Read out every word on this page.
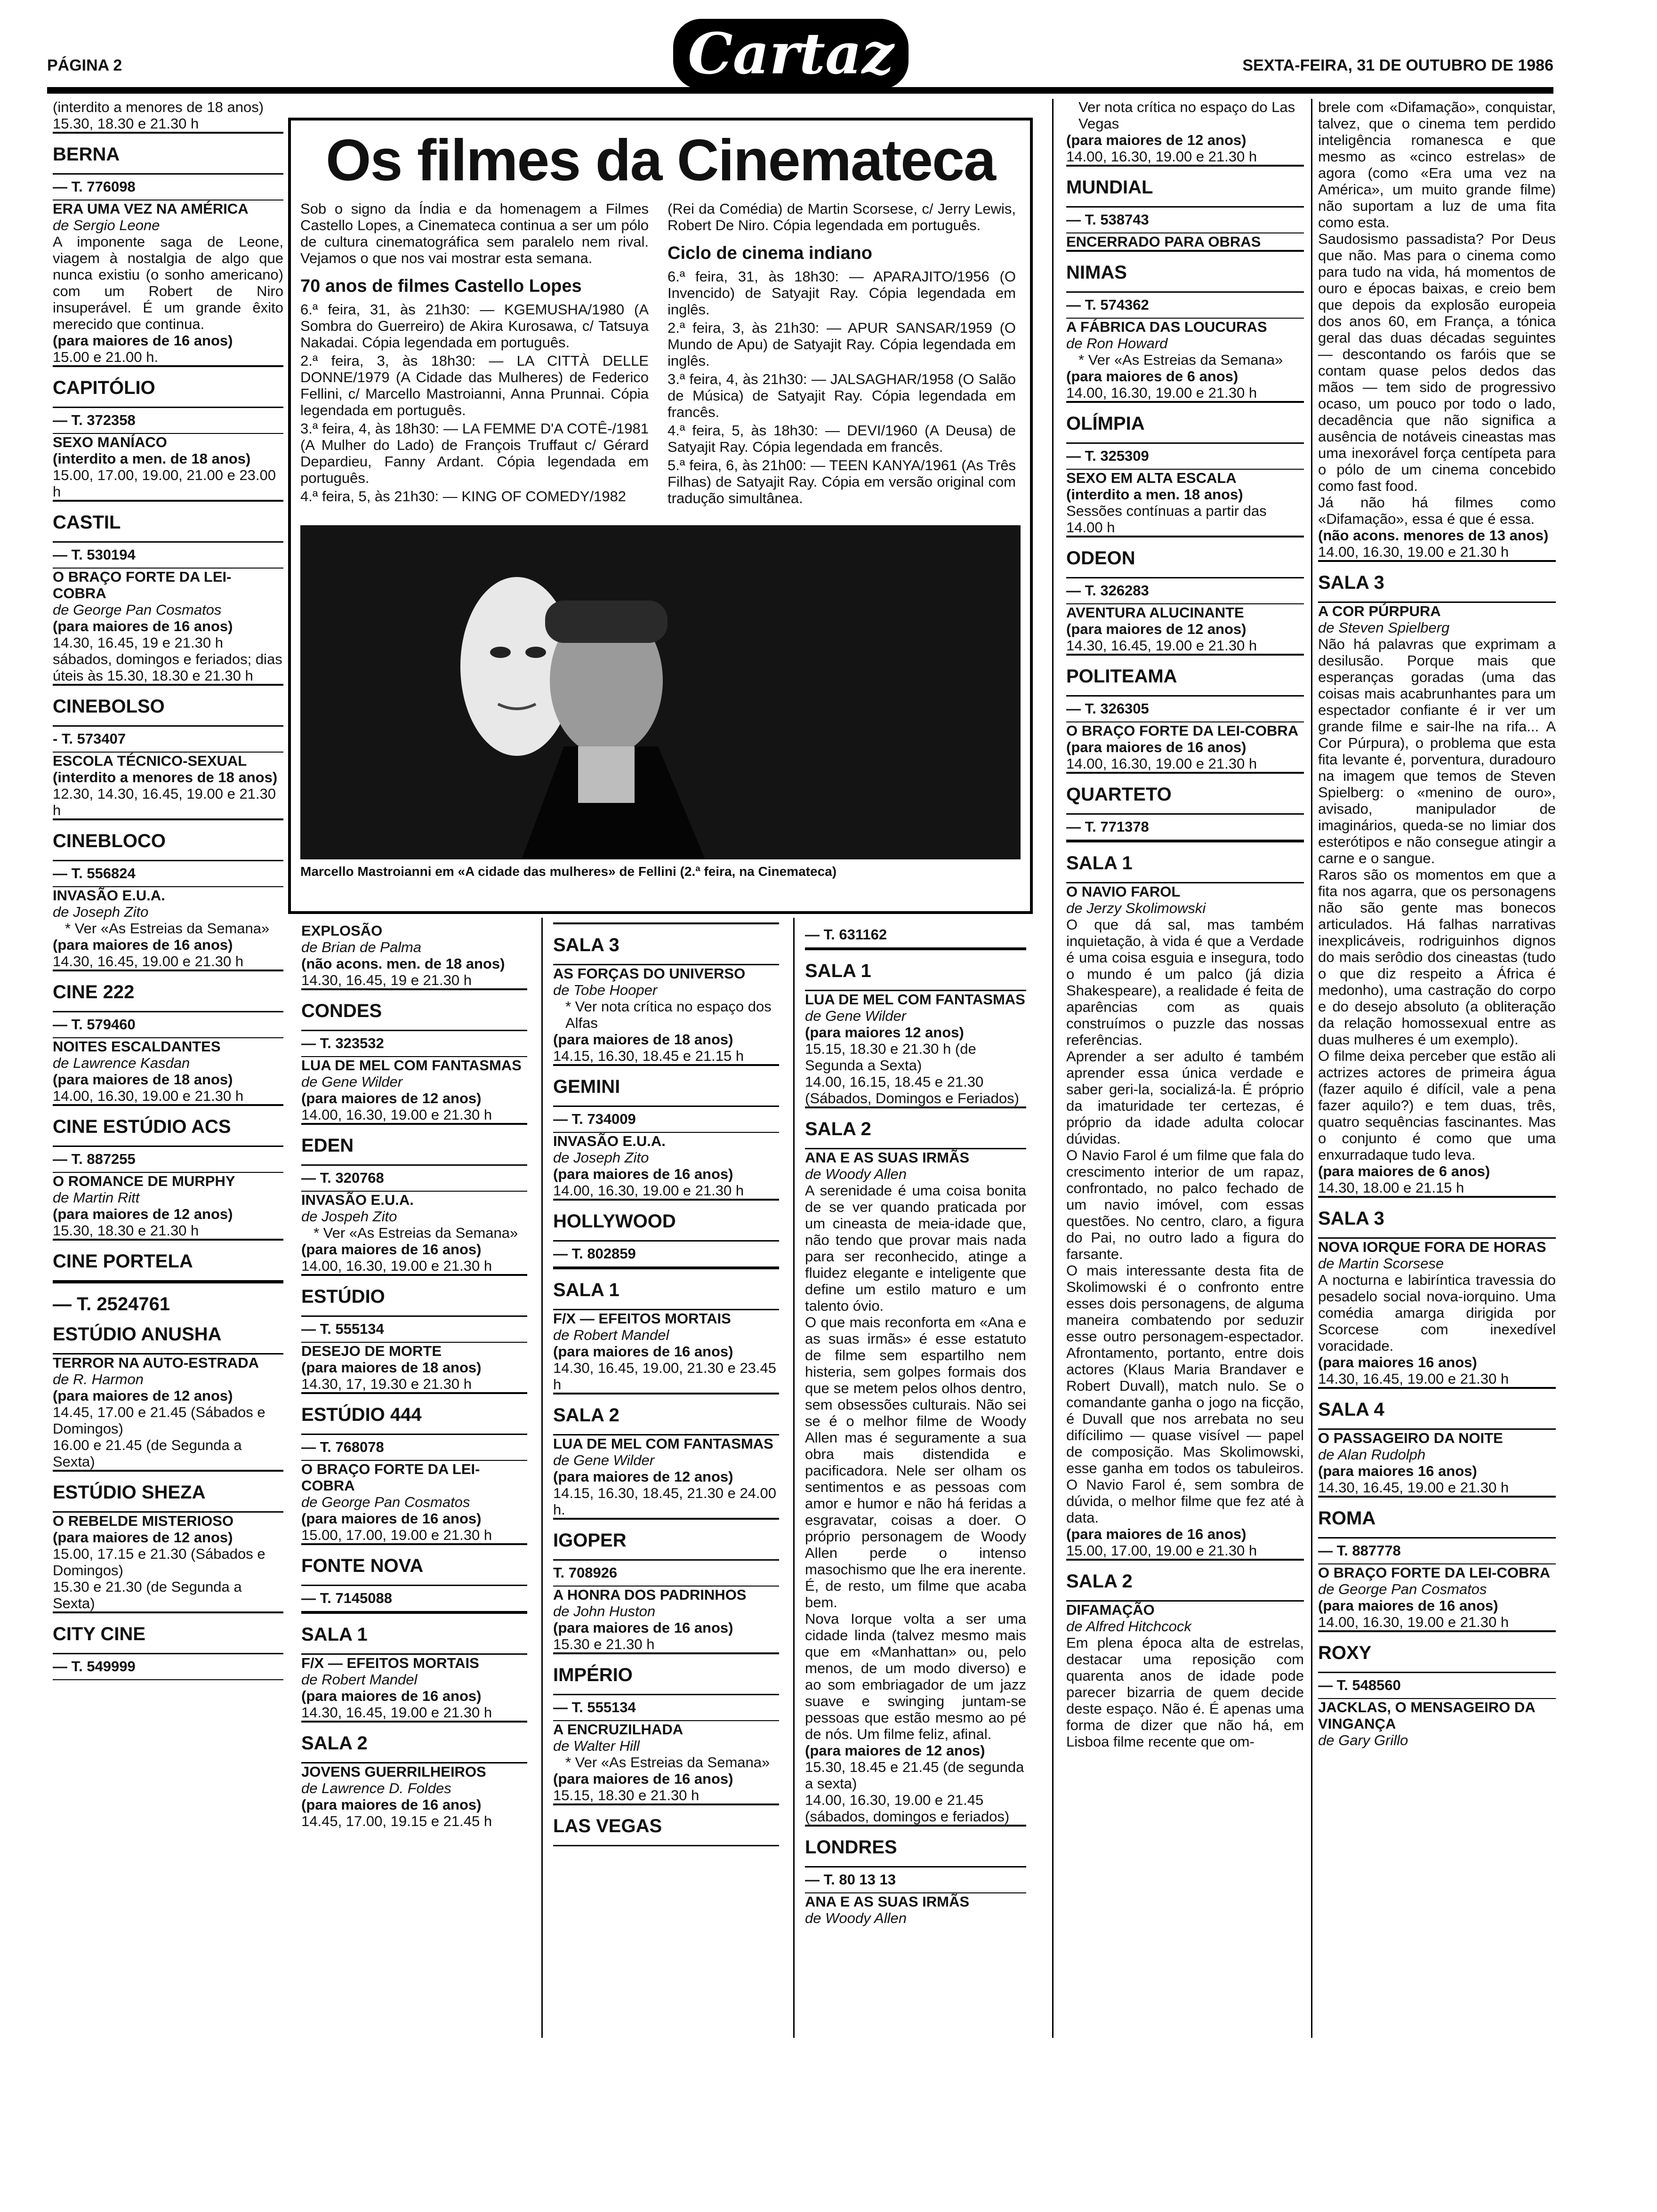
PÁGINA 2	Cartaz	SEXTA-FEIRA, 31 DE OUTUBRO DE 1986

(interdito a menores de 18 anos)

15.30, 18.30 e 21.30 h

BERNA

— T. 776098

ERA UMA VEZ NA AMÉRICA

de Sergio Leone

A imponente saga de Leone, viagem à nostalgia de algo que nunca existiu (o sonho americano) com um Robert de Niro insuperável. É um grande êxito merecido que continua.

(para maiores de 16 anos)

15.00 e 21.00 h.

CAPITÓLIO

— T. 372358

SEXO MANÍACO

(interdito a men. de 18 anos)

15.00, 17.00, 19.00, 21.00 e 23.00 h

CASTIL

— T. 530194

O BRAÇO FORTE DA LEI-COBRA

de George Pan Cosmatos

(para maiores de 16 anos)

14.30, 16.45, 19 e 21.30 h sábados, domingos e feriados; dias úteis às 15.30, 18.30 e 21.30 h

CINEBOLSO

- T. 573407

ESCOLA TÉCNICO-SEXUAL

(interdito a menores de 18 anos)

12.30, 14.30, 16.45, 19.00 e 21.30 h

CINEBLOCO

— T. 556824

INVASÃO E.U.A.

de Joseph Zito

* Ver «As Estreias da Semana»

(para maiores de 16 anos)

14.30, 16.45, 19.00 e 21.30 h

CINE 222

— T. 579460

NOITES ESCALDANTES

de Lawrence Kasdan

(para maiores de 18 anos)

14.00, 16.30, 19.00 e 21.30 h

CINE ESTÚDIO ACS

— T. 887255

O ROMANCE DE MURPHY

de Martin Ritt

(para maiores de 12 anos)

15.30, 18.30 e 21.30 h

CINE PORTELA

— T. 2524761

ESTÚDIO ANUSHA

TERROR NA AUTO-ESTRADA

de R. Harmon

(para maiores de 12 anos)

14.45, 17.00 e 21.45 (Sábados e Domingos)

16.00 e 21.45 (de Segunda a Sexta)

ESTÚDIO SHEZA

O REBELDE MISTERIOSO

(para maiores de 12 anos)

15.00, 17.15 e 21.30 (Sábados e Domingos)

15.30 e 21.30 (de Segunda a Sexta)

CITY CINE

— T. 549999

Os filmes da Cinemateca

Sob o signo da Índia e da homenagem a Filmes Castello Lopes, a Cinemateca continua a ser um pólo de cultura cinematográfica sem paralelo nem rival. Vejamos o que nos vai mostrar esta semana.

70 anos de filmes Castello Lopes

6.ª feira, 31, às 21h30: — KGEMUSHA/1980 (A Sombra do Guerreiro) de Akira Kurosawa, c/ Tatsuya Nakadai. Cópia legendada em português.

2.ª feira, 3, às 18h30: — LA CITTÀ DELLE DONNE/1979 (A Cidade das Mulheres) de Federico Fellini, c/ Marcello Mastroianni, Anna Prunnai. Cópia legendada em português.

3.ª feira, 4, às 18h30: — LA FEMME D'A COTÊ-/1981 (A Mulher do Lado) de François Truffaut c/ Gérard Depardieu, Fanny Ardant. Cópia legendada em português.

4.ª feira, 5, às 21h30: — KING OF COMEDY/1982

(Rei da Comédia) de Martin Scorsese, c/ Jerry Lewis, Robert De Niro. Cópia legendada em português.

Ciclo de cinema indiano

6.ª feira, 31, às 18h30: — APARAJITO/1956 (O Invencido) de Satyajit Ray. Cópia legendada em inglês.

2.ª feira, 3, às 21h30: — APUR SANSAR/1959 (O Mundo de Apu) de Satyajit Ray. Cópia legendada em inglês.

3.ª feira, 4, às 21h30: — JALSAGHAR/1958 (O Salão de Música) de Satyajit Ray. Cópia legendada em francês.

4.ª feira, 5, às 18h30: — DEVI/1960 (A Deusa) de Satyajit Ray. Cópia legendada em francês.

5.ª feira, 6, às 21h00: — TEEN KANYA/1961 (As Três Filhas) de Satyajit Ray. Cópia em versão original com tradução simultânea.

Marcello Mastroianni em «A cidade das mulheres» de Fellini (2.ª feira, na Cinemateca)

EXPLOSÃO

de Brian de Palma

(não acons. men. de 18 anos)

14.30, 16.45, 19 e 21.30 h

CONDES

— T. 323532

LUA DE MEL COM FANTASMAS

de Gene Wilder

(para maiores de 12 anos)

14.00, 16.30, 19.00 e 21.30 h

EDEN

— T. 320768

INVASÃO E.U.A.

de Jospeh Zito

* Ver «As Estreias da Semana»

(para maiores de 16 anos)

14.00, 16.30, 19.00 e 21.30 h

ESTÚDIO

— T. 555134

DESEJO DE MORTE

(para maiores de 18 anos)

14.30, 17, 19.30 e 21.30 h

ESTÚDIO 444

— T. 768078

O BRAÇO FORTE DA LEI-COBRA

de George Pan Cosmatos

(para maiores de 16 anos)

15.00, 17.00, 19.00 e 21.30 h

FONTE NOVA

— T. 7145088

SALA 1

F/X — EFEITOS MORTAIS

de Robert Mandel

(para maiores de 16 anos)

14.30, 16.45, 19.00 e 21.30 h

SALA 2

JOVENS GUERRILHEIROS

de Lawrence D. Foldes

(para maiores de 16 anos)

14.45, 17.00, 19.15 e 21.45 h

SALA 3

AS FORÇAS DO UNIVERSO

de Tobe Hooper

* Ver nota crítica no espaço dos Alfas

(para maiores de 18 anos)

14.15, 16.30, 18.45 e 21.15 h

GEMINI

— T. 734009

INVASÃO E.U.A.

de Joseph Zito

(para maiores de 16 anos)

14.00, 16.30, 19.00 e 21.30 h

HOLLYWOOD

— T. 802859

SALA 1

F/X — EFEITOS MORTAIS

de Robert Mandel

(para maiores de 16 anos)

14.30, 16.45, 19.00, 21.30 e 23.45 h

SALA 2

LUA DE MEL COM FANTASMAS

de Gene Wilder

(para maiores de 12 anos)

14.15, 16.30, 18.45, 21.30 e 24.00 h.

IGOPER

T. 708926

A HONRA DOS PADRINHOS

de John Huston

(para maiores de 16 anos)

15.30 e 21.30 h

IMPÉRIO

— T. 555134

A ENCRUZILHADA

de Walter Hill

* Ver «As Estreias da Semana»

(para maiores de 16 anos)

15.15, 18.30 e 21.30 h

LAS VEGAS

— T. 631162

SALA 1

LUA DE MEL COM FANTASMAS

de Gene Wilder

(para maiores 12 anos)

15.15, 18.30 e 21.30 h (de Segunda a Sexta)

14.00, 16.15, 18.45 e 21.30 (Sábados, Domingos e Feriados)

SALA 2

ANA E AS SUAS IRMÃS

de Woody Allen

A serenidade é uma coisa bonita de se ver quando praticada por um cineasta de meia-idade que, não tendo que provar mais nada para ser reconhecido, atinge a fluidez elegante e inteligente que define um estilo maturo e um talento óvio.

O que mais reconforta em «Ana e as suas irmãs» é esse estatuto de filme sem espartilho nem histeria, sem golpes formais dos que se metem pelos olhos dentro, sem obsessões culturais. Não sei se é o melhor filme de Woody Allen mas é seguramente a sua obra mais distendida e pacificadora. Nele ser olham os sentimentos e as pessoas com amor e humor e não há feridas a esgravatar, coisas a doer. O próprio personagem de Woody Allen perde o intenso masochismo que lhe era inerente. É, de resto, um filme que acaba bem.

Nova Iorque volta a ser uma cidade linda (talvez mesmo mais que em «Manhattan» ou, pelo menos, de um modo diverso) e ao som embriagador de um jazz suave e swinging juntam-se pessoas que estão mesmo ao pé de nós. Um filme feliz, afinal.

(para maiores de 12 anos)

15.30, 18.45 e 21.45 (de segunda a sexta)

14.00, 16.30, 19.00 e 21.45 (sábados, domingos e feriados)

LONDRES

— T. 80 13 13

ANA E AS SUAS IRMÃS

de Woody Allen

Ver nota crítica no espaço do Las Vegas

(para maiores de 12 anos)

14.00, 16.30, 19.00 e 21.30 h

MUNDIAL

— T. 538743

ENCERRADO PARA OBRAS

NIMAS

— T. 574362

A FÁBRICA DAS LOUCURAS

de Ron Howard

* Ver «As Estreias da Semana»

(para maiores de 6 anos)

14.00, 16.30, 19.00 e 21.30 h

OLÍMPIA

— T. 325309

SEXO EM ALTA ESCALA

(interdito a men. 18 anos)

Sessões contínuas a partir das 14.00 h

ODEON

— T. 326283

AVENTURA ALUCINANTE

(para maiores de 12 anos)

14.30, 16.45, 19.00 e 21.30 h

POLITEAMA

— T. 326305

O BRAÇO FORTE DA LEI-COBRA

(para maiores de 16 anos)

14.00, 16.30, 19.00 e 21.30 h

QUARTETO

— T. 771378

SALA 1

O NAVIO FAROL

de Jerzy Skolimowski

O que dá sal, mas também inquietação, à vida é que a Verdade é uma coisa esguia e insegura, todo o mundo é um palco (já dizia Shakespeare), a realidade é feita de aparências com as quais construímos o puzzle das nossas referências.

Aprender a ser adulto é também aprender essa única verdade e saber geri-la, socializá-la. É próprio da imaturidade ter certezas, é próprio da idade adulta colocar dúvidas.

O Navio Farol é um filme que fala do crescimento interior de um rapaz, confrontado, no palco fechado de um navio imóvel, com essas questões. No centro, claro, a figura do Pai, no outro lado a figura do farsante.

O mais interessante desta fita de Skolimowski é o confronto entre esses dois personagens, de alguma maneira combatendo por seduzir esse outro personagem-espectador. Afrontamento, portanto, entre dois actores (Klaus Maria Brandaver e Robert Duvall), match nulo. Se o comandante ganha o jogo na ficção, é Duvall que nos arrebata no seu difícilimo — quase visível — papel de composição. Mas Skolimowski, esse ganha em todos os tabuleiros. O Navio Farol é, sem sombra de dúvida, o melhor filme que fez até à data.

(para maiores de 16 anos)

15.00, 17.00, 19.00 e 21.30 h

SALA 2

DIFAMAÇÃO

de Alfred Hitchcock

Em plena época alta de estrelas, destacar uma reposição com quarenta anos de idade pode parecer bizarria de quem decide deste espaço. Não é. É apenas uma forma de dizer que não há, em Lisboa filme recente que om-

brele com «Difamação», conquistar, talvez, que o cinema tem perdido inteligência romanesca e que mesmo as «cinco estrelas» de agora (como «Era uma vez na América», um muito grande filme) não suportam a luz de uma fita como esta.

Saudosismo passadista? Por Deus que não. Mas para o cinema como para tudo na vida, há momentos de ouro e épocas baixas, e creio bem que depois da explosão europeia dos anos 60, em França, a tónica geral das duas décadas seguintes — descontando os faróis que se contam quase pelos dedos das mãos — tem sido de progressivo ocaso, um pouco por todo o lado, decadência que não significa a ausência de notáveis cineastas mas uma inexorável força centípeta para o pólo de um cinema concebido como fast food.

Já não há filmes como «Difamação», essa é que é essa.

(não acons. menores de 13 anos)

14.00, 16.30, 19.00 e 21.30 h

SALA 3

A COR PÚRPURA

de Steven Spielberg

Não há palavras que exprimam a desilusão. Porque mais que esperanças goradas (uma das coisas mais acabrunhantes para um espectador confiante é ir ver um grande filme e sair-lhe na rifa... A Cor Púrpura), o problema que esta fita levante é, porventura, duradouro na imagem que temos de Steven Spielberg: o «menino de ouro», avisado, manipulador de imaginários, queda-se no limiar dos esterótipos e não consegue atingir a carne e o sangue.

Raros são os momentos em que a fita nos agarra, que os personagens não são gente mas bonecos articulados. Há falhas narrativas inexplicáveis, rodriguinhos dignos do mais serôdio dos cineastas (tudo o que diz respeito a África é medonho), uma castração do corpo e do desejo absoluto (a obliteração da relação homossexual entre as duas mulheres é um exemplo).

O filme deixa perceber que estão ali actrizes actores de primeira água (fazer aquilo é difícil, vale a pena fazer aquilo?) e tem duas, três, quatro sequências fascinantes. Mas o conjunto é como que uma enxurradaque tudo leva.

(para maiores de 6 anos)

14.30, 18.00 e 21.15 h

SALA 3

NOVA IORQUE FORA DE HORAS

de Martin Scorsese

A nocturna e labiríntica travessia do pesadelo social nova-iorquino. Uma comédia amarga dirigida por Scorcese com inexedível voracidade.

(para maiores 16 anos)

14.30, 16.45, 19.00 e 21.30 h

SALA 4

O PASSAGEIRO DA NOITE

de Alan Rudolph

(para maiores 16 anos)

14.30, 16.45, 19.00 e 21.30 h

ROMA

— T. 887778

O BRAÇO FORTE DA LEI-COBRA

de George Pan Cosmatos

(para maiores de 16 anos)

14.00, 16.30, 19.00 e 21.30 h

ROXY

— T. 548560

JACKLAS, O MENSAGEIRO DA VINGANÇA

de Gary Grillo
